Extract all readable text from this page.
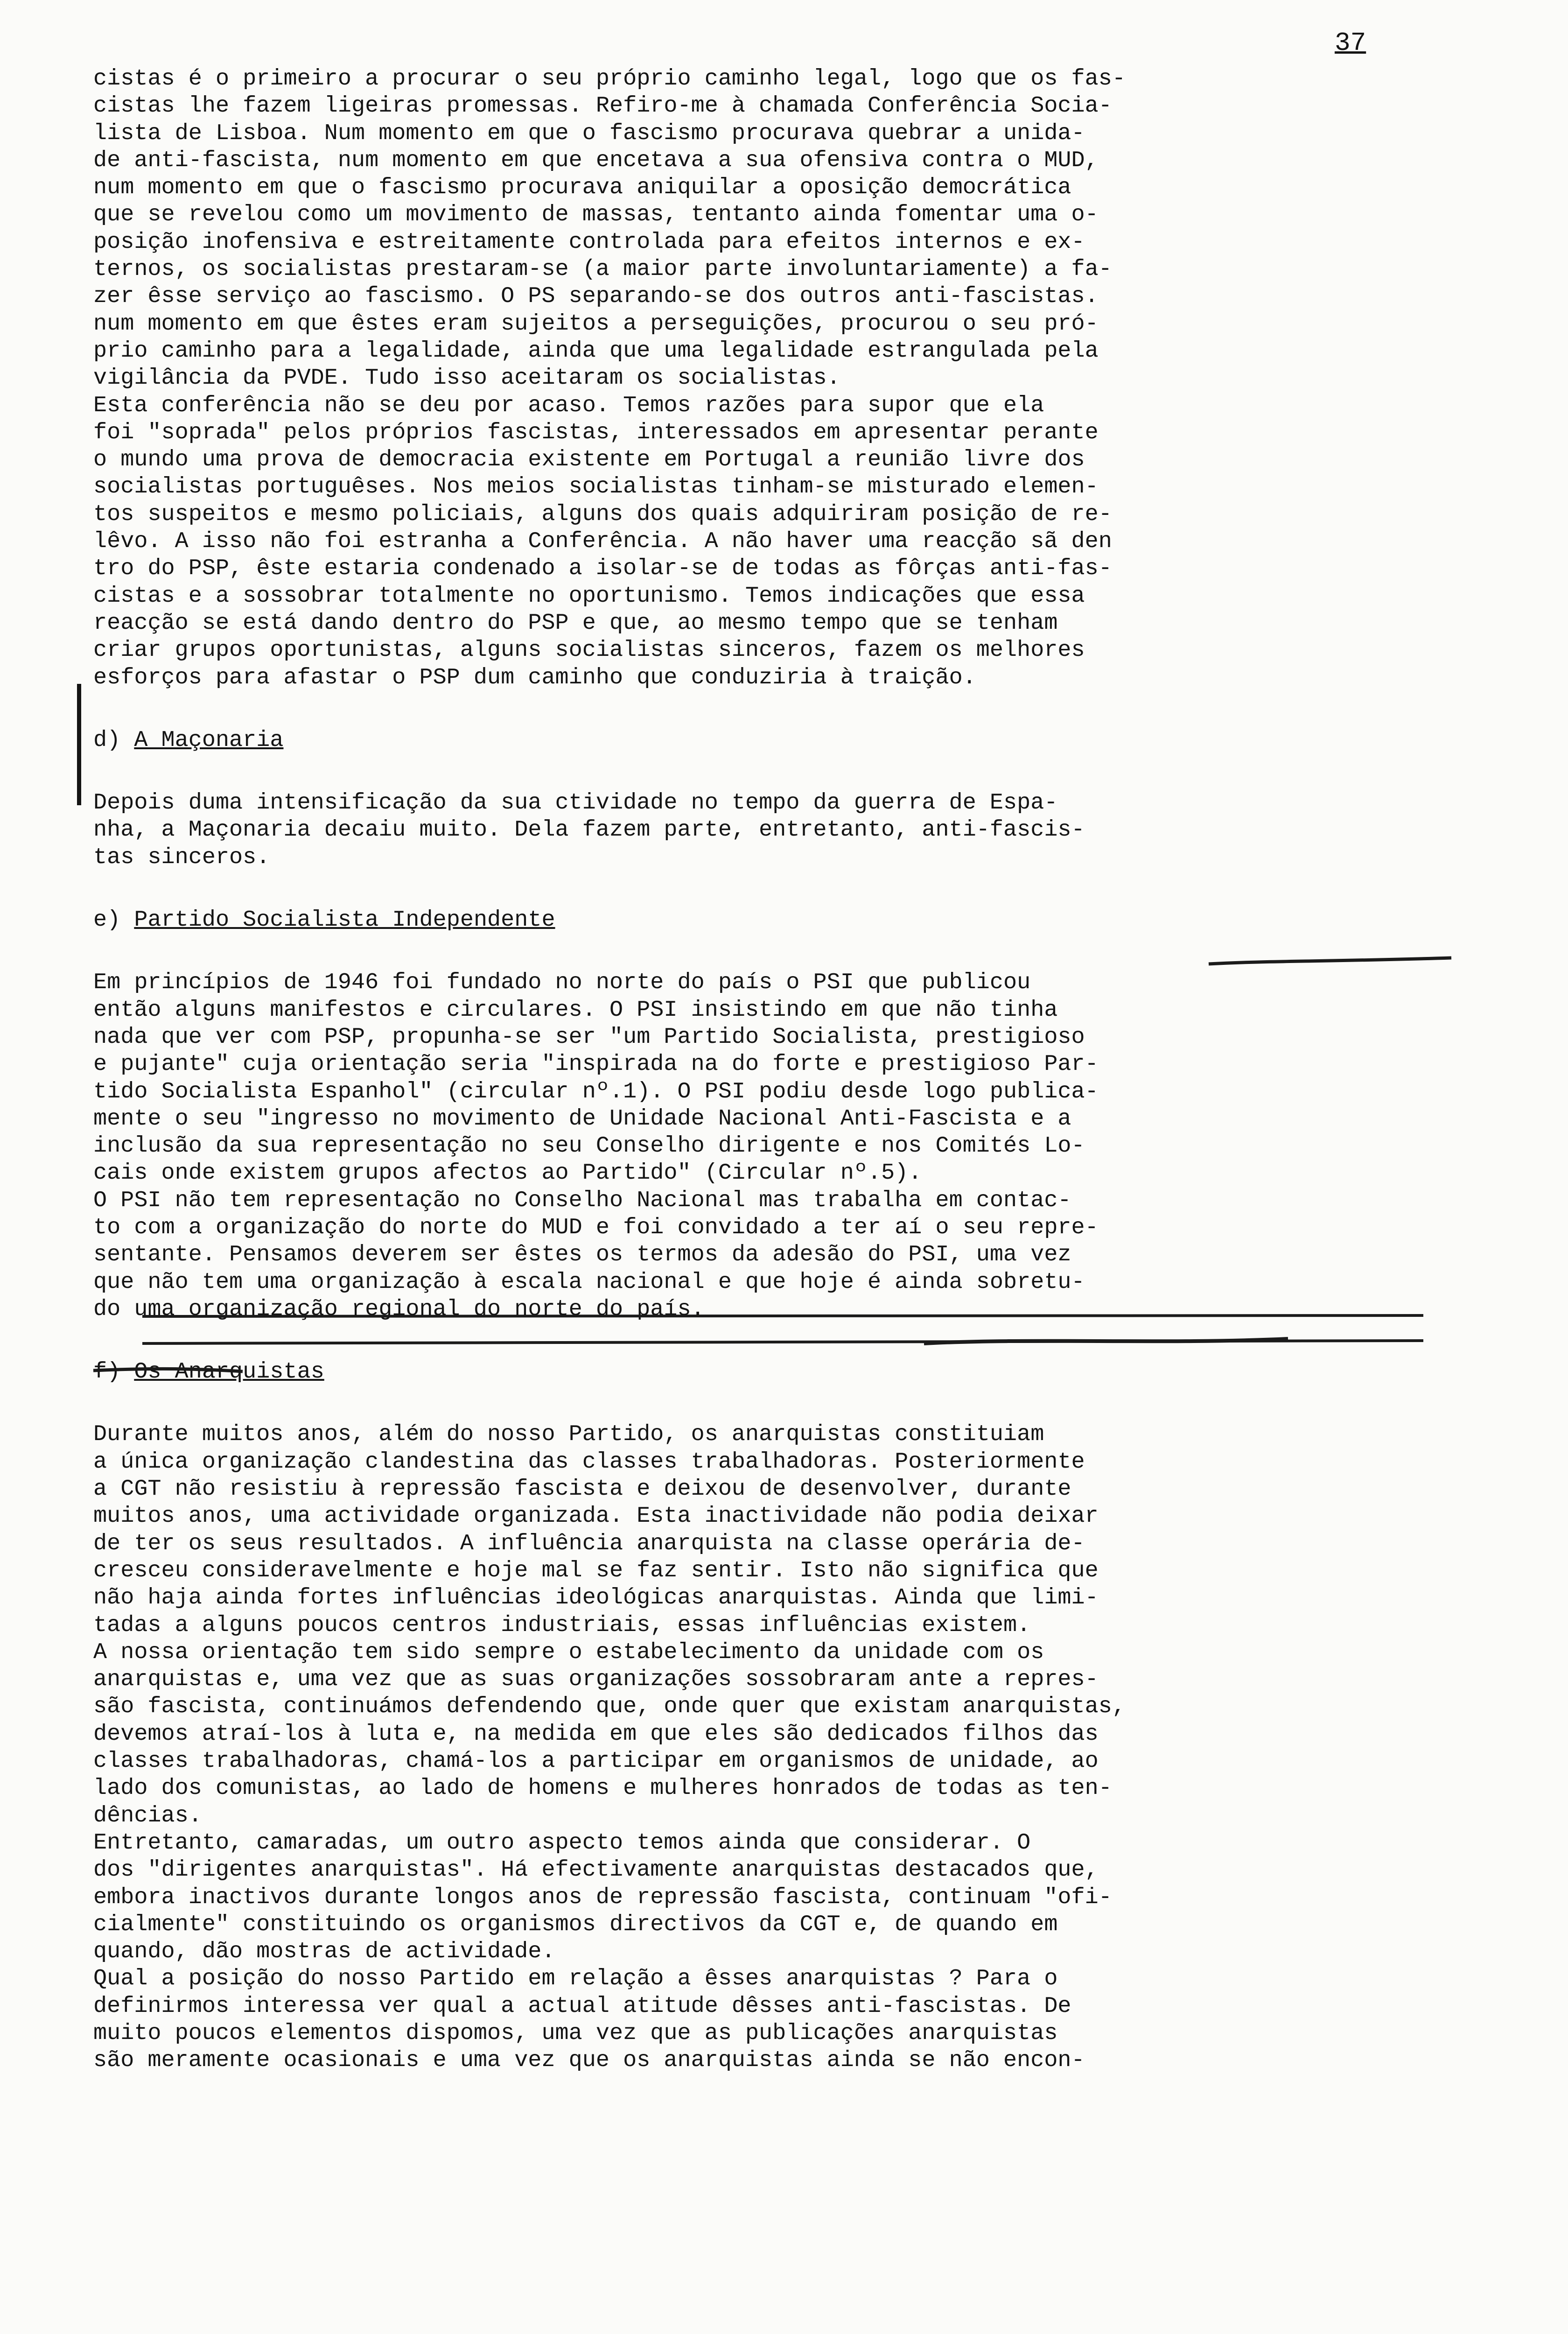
37

cistas é o primeiro a procurar o seu próprio caminho legal, logo que os fas-

cistas lhe fazem ligeiras promessas. Refiro-me à chamada Conferência Socia-

lista de Lisboa. Num momento em que o fascismo procurava quebrar a unida-

de anti-fascista, num momento em que encetava a sua ofensiva contra o MUD,

num momento em que o fascismo procurava aniquilar a oposição democrática

que se revelou como um movimento de massas, tentanto ainda fomentar uma o-

posição inofensiva e estreitamente controlada para efeitos internos e ex-

ternos, os socialistas prestaram-se (a maior parte involuntariamente) a fa-

zer êsse serviço ao fascismo. O PS separando-se dos outros anti-fascistas.

num momento em que êstes eram sujeitos a perseguições, procurou o seu pró-

prio caminho para a legalidade, ainda que uma legalidade estrangulada pela

vigilância da PVDE. Tudo isso aceitaram os socialistas.

Esta conferência não se deu por acaso. Temos razões para supor que ela

foi "soprada" pelos próprios fascistas, interessados em apresentar perante

o mundo uma prova de democracia existente em Portugal a reunião livre dos

socialistas portuguêses. Nos meios socialistas tinham-se misturado elemen-

tos suspeitos e mesmo policiais, alguns dos quais adquiriram posição de re-

lêvo. A isso não foi estranha a Conferência. A não haver uma reacção sã den

tro do PSP, êste estaria condenado a isolar-se de todas as fôrças anti-fas-

cistas e a sossobrar totalmente no oportunismo. Temos indicações que essa

reacção se está dando dentro do PSP e que, ao mesmo tempo que se tenham

criar grupos oportunistas, alguns socialistas sinceros, fazem os melhores

esforços para afastar o PSP dum caminho que conduziria à traição.

d) A Maçonaria

Depois duma intensificação da sua ctividade no tempo da guerra de Espa-

nha, a Maçonaria decaiu muito. Dela fazem parte, entretanto, anti-fascis-

tas sinceros.

e) Partido Socialista Independente

Em princípios de 1946 foi fundado no norte do país o PSI que publicou

então alguns manifestos e circulares. O PSI insistindo em que não tinha

nada que ver com PSP, propunha-se ser "um Partido Socialista, prestigioso

e pujante" cuja orientação seria "inspirada na do forte e prestigioso Par-

tido Socialista Espanhol" (circular nº.1). O PSI podiu desde logo publica-

mente o seu "ingresso no movimento de Unidade Nacional Anti-Fascista e a

inclusão da sua representação no seu Conselho dirigente e nos Comités Lo-

cais onde existem grupos afectos ao Partido" (Circular nº.5).

O PSI não tem representação no Conselho Nacional mas trabalha em contac-

to com a organização do norte do MUD e foi convidado a ter aí o seu repre-

sentante. Pensamos deverem ser êstes os termos da adesão do PSI, uma vez

que não tem uma organização à escala nacional e que hoje é ainda sobretu-

do uma organização regional do norte do país.

f) Os Anarquistas

Durante muitos anos, além do nosso Partido, os anarquistas constituiam

a única organização clandestina das classes trabalhadoras. Posteriormente

a CGT não resistiu à repressão fascista e deixou de desenvolver, durante

muitos anos, uma actividade organizada. Esta inactividade não podia deixar

de ter os seus resultados. A influência anarquista na classe operária de-

cresceu consideravelmente e hoje mal se faz sentir. Isto não significa que

não haja ainda fortes influências ideológicas anarquistas. Ainda que limi-

tadas a alguns poucos centros industriais, essas influências existem.

A nossa orientação tem sido sempre o estabelecimento da unidade com os

anarquistas e, uma vez que as suas organizações sossobraram ante a repres-

são fascista, continuámos defendendo que, onde quer que existam anarquistas,

devemos atraí-los à luta e, na medida em que eles são dedicados filhos das

classes trabalhadoras, chamá-los a participar em organismos de unidade, ao

lado dos comunistas, ao lado de homens e mulheres honrados de todas as ten-

dências.

Entretanto, camaradas, um outro aspecto temos ainda que considerar. O

dos "dirigentes anarquistas". Há efectivamente anarquistas destacados que,

embora inactivos durante longos anos de repressão fascista, continuam "ofi-

cialmente" constituindo os organismos directivos da CGT e, de quando em

quando, dão mostras de actividade.

Qual a posição do nosso Partido em relação a êsses anarquistas ? Para o

definirmos interessa ver qual a actual atitude dêsses anti-fascistas. De

muito poucos elementos dispomos, uma vez que as publicações anarquistas

são meramente ocasionais e uma vez que os anarquistas ainda se não encon-
